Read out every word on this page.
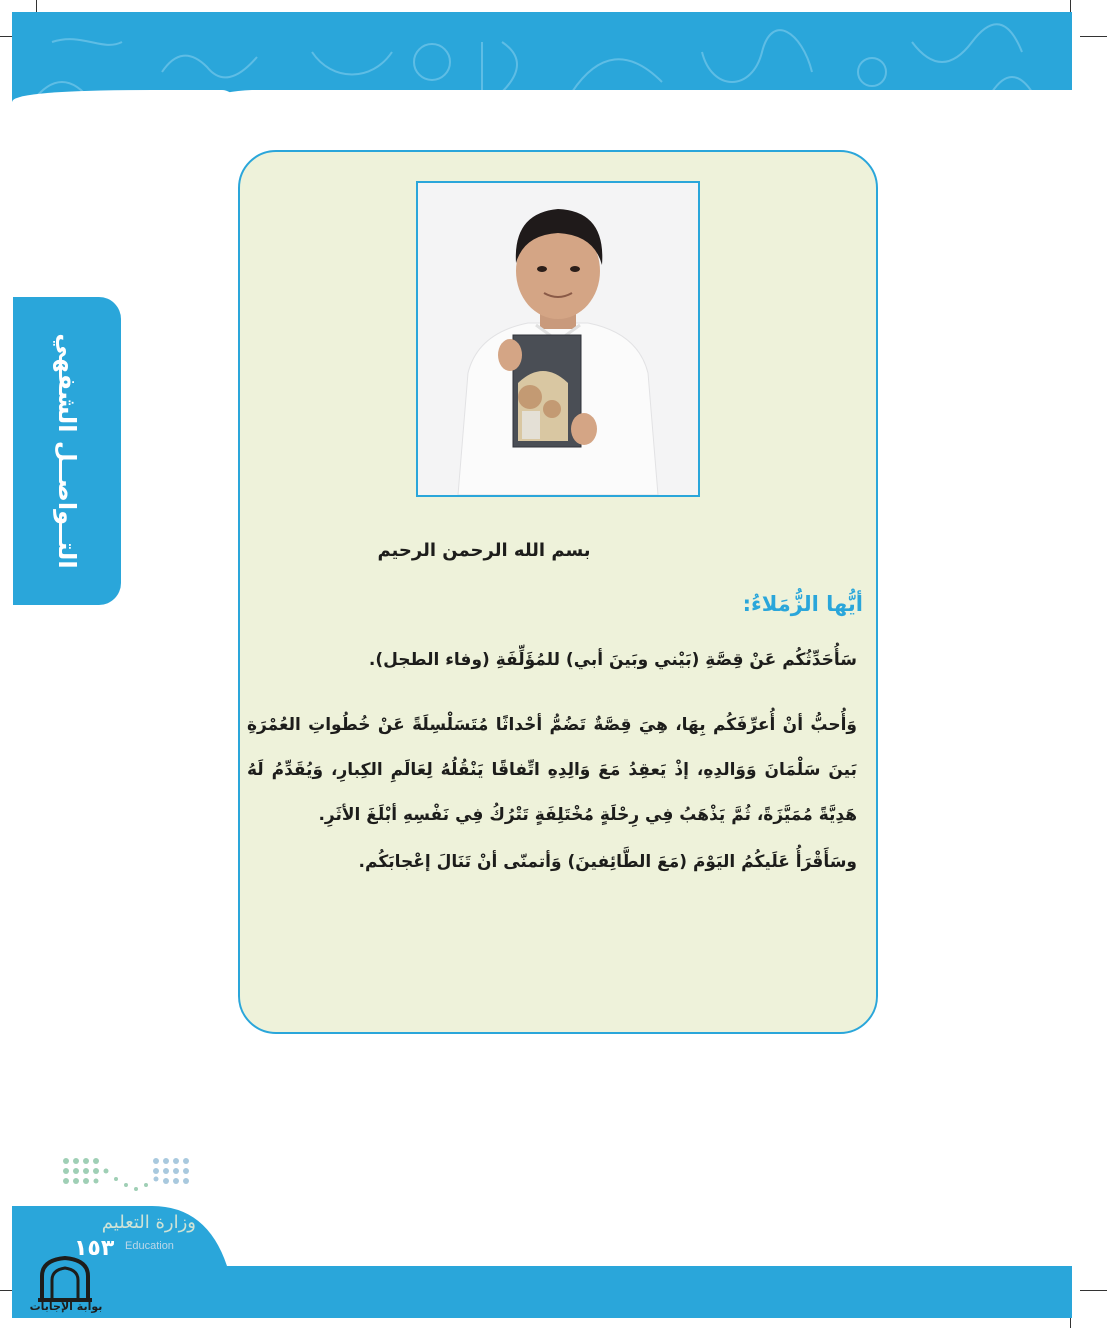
التــواصــل الشفهي	بسم الله الرحمن الرحيم
أيُّها الزُّمَلاءُ:
سَأُحَدِّثُكُم عَنْ قِصَّةِ (بَيْني وبَينَ أبي) للمُؤَلِّفَةِ (وفاء الطجل).
وَأُحبُّ أنْ أُعرِّفَكُم بِهَا، هِيَ قِصَّةٌ تَضُمُّ أحْداثًا مُتَسَلْسِلَةً عَنْ خُطُواتِ العُمْرَةِ بَينَ سَلْمَانَ وَوَالدِهِ، إذْ يَعقِدُ مَعَ وَالِدِهِ اتِّفاقًا يَنْقُلُهُ لِعَالَمِ الكِبارِ، وَيُقَدِّمُ لَهُ هَدِيَّةً مُمَيَّزَةً، ثُمَّ يَذْهَبُ فِي رِحْلَةٍ مُخْتَلِفَةٍ تَتْرُكُ فِي نَفْسِهِ أبْلَغَ الأثَرِ.
وسَأَقْرَأُ عَلَيكُمُ اليَوْمَ (مَعَ الطَّائِفينَ) وَأتمنّى أنْ تَنَالَ إعْجابَكُم.
وزارة التعليم
Education
١٥٣
بوابة الإجابات
